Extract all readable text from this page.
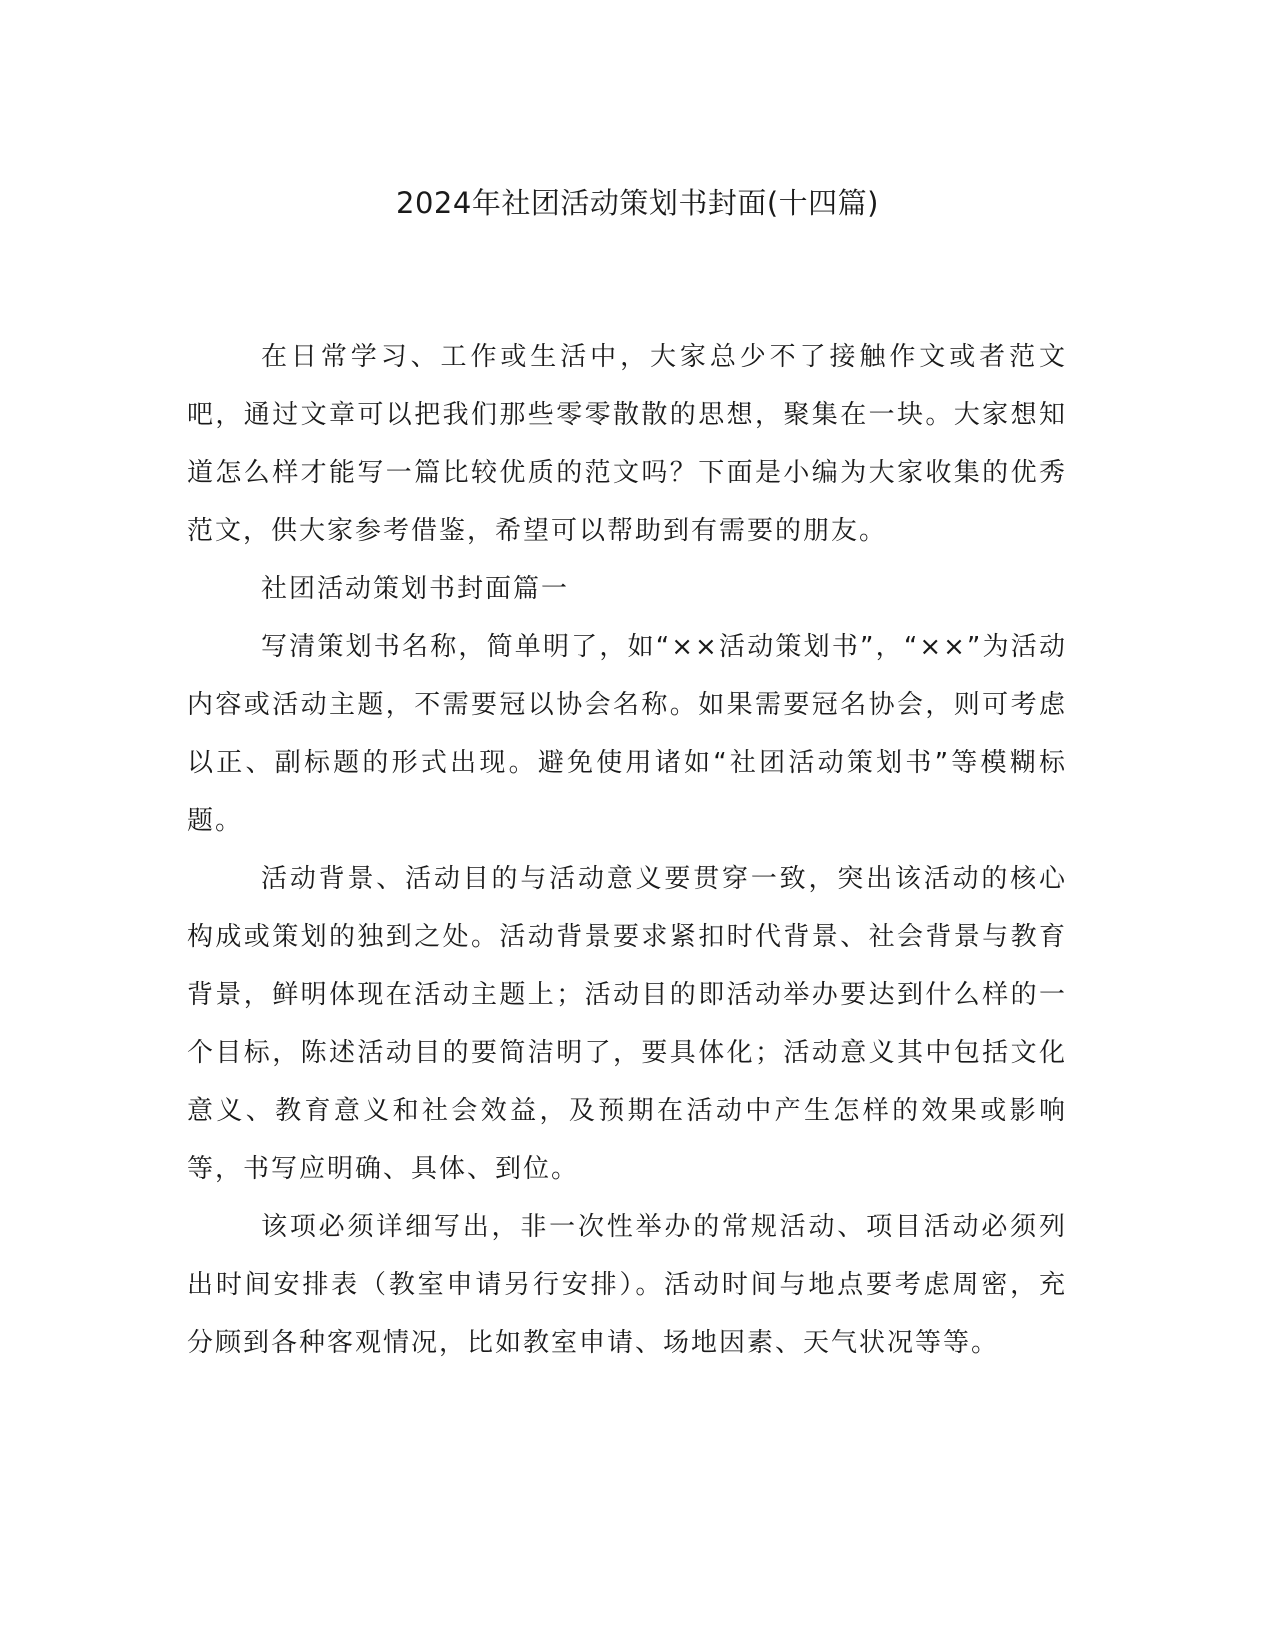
2024年社团活动策划书封面(十四篇)

在日常学习、工作或生活中，大家总少不了接触作文或者范文吧，通过文章可以把我们那些零零散散的思想，聚集在一块。大家想知道怎么样才能写一篇比较优质的范文吗？下面是小编为大家收集的优秀范文，供大家参考借鉴，希望可以帮助到有需要的朋友。

社团活动策划书封面篇一

写清策划书名称，简单明了，如“××活动策划书”，“××”为活动内容或活动主题，不需要冠以协会名称。如果需要冠名协会，则可考虑以正、副标题的形式出现。避免使用诸如“社团活动策划书”等模糊标题。

活动背景、活动目的与活动意义要贯穿一致，突出该活动的核心构成或策划的独到之处。活动背景要求紧扣时代背景、社会背景与教育背景，鲜明体现在活动主题上；活动目的即活动举办要达到什么样的一个目标，陈述活动目的要简洁明了，要具体化；活动意义其中包括文化意义、教育意义和社会效益，及预期在活动中产生怎样的效果或影响等，书写应明确、具体、到位。

该项必须详细写出，非一次性举办的常规活动、项目活动必须列出时间安排表（教室申请另行安排）。活动时间与地点要考虑周密，充分顾到各种客观情况，比如教室申请、场地因素、天气状况等等。
